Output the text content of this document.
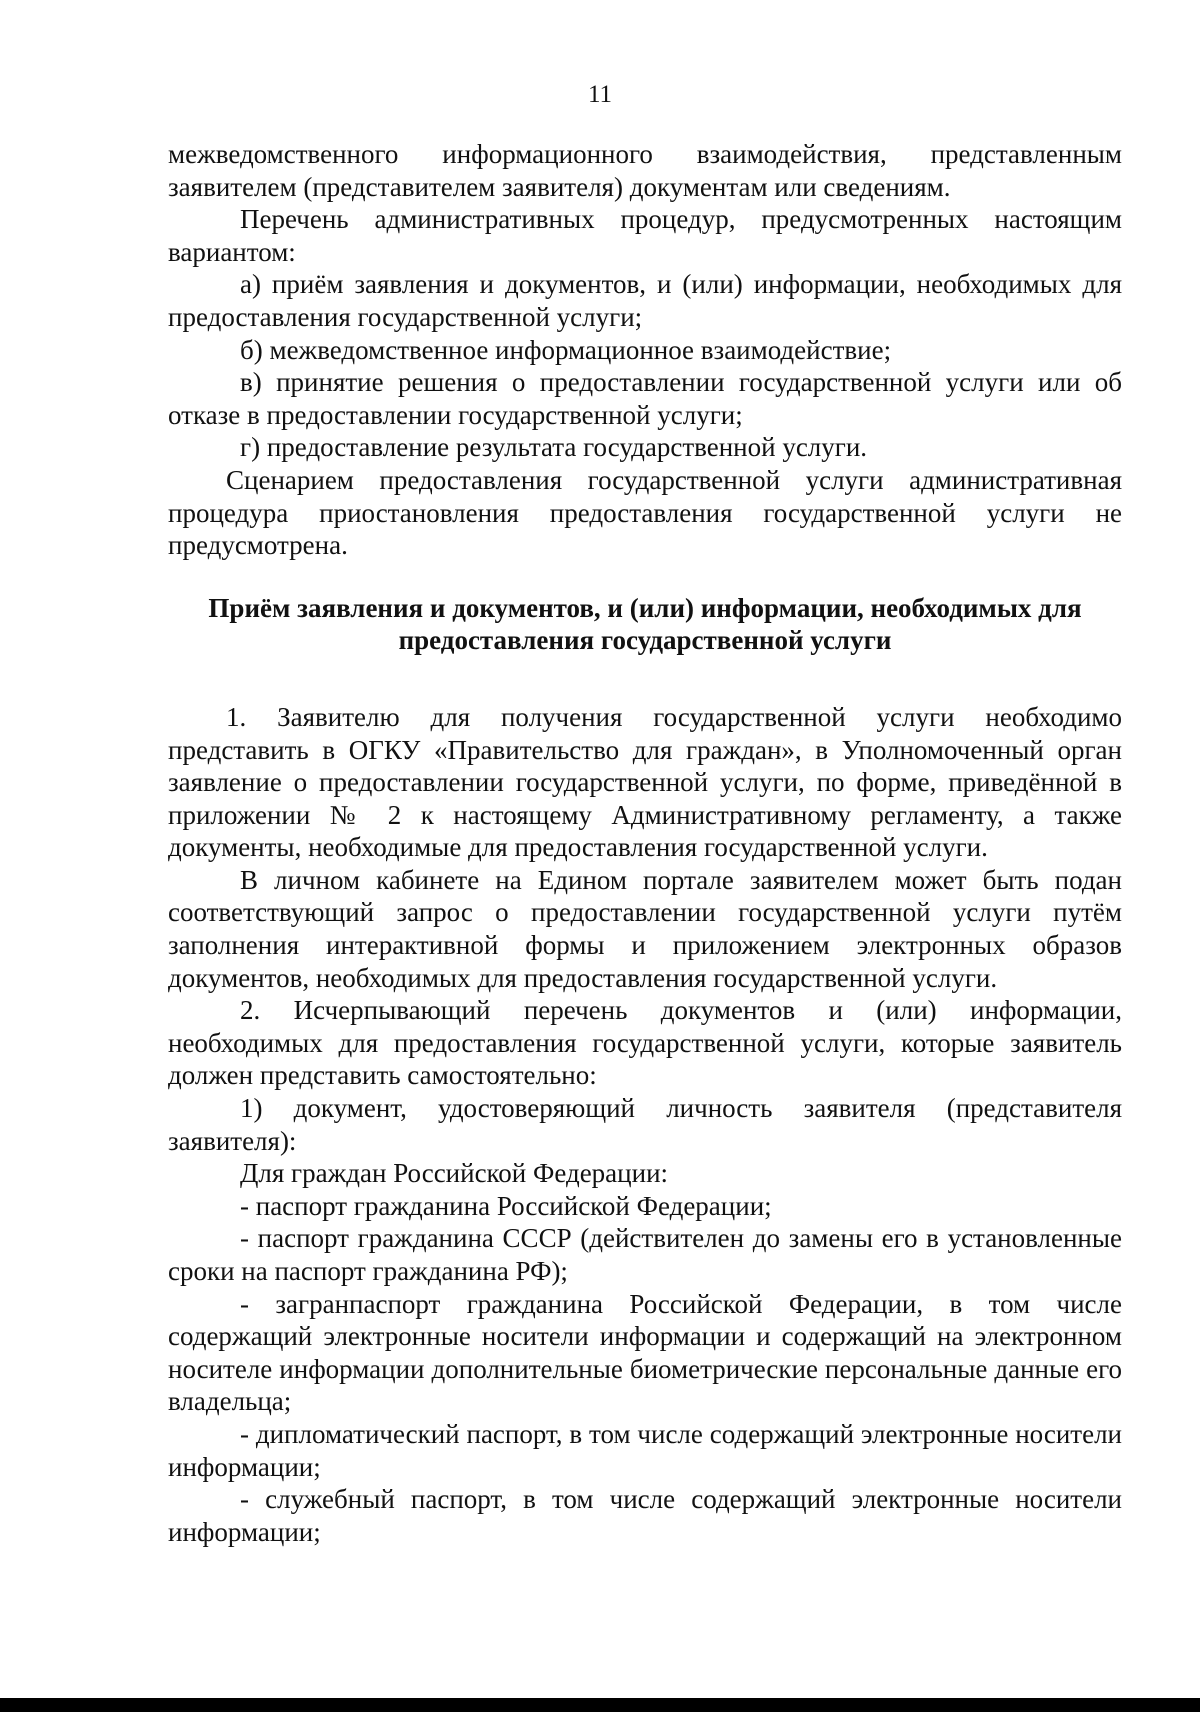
11

межведомственного информационного взаимодействия, представленным заявителем (представителем заявителя) документам или сведениям.

Перечень административных процедур, предусмотренных настоящим вариантом:

а) приём заявления и документов, и (или) информации, необходимых для предоставления государственной услуги;

б) межведомственное информационное взаимодействие;

в) принятие решения о предоставлении государственной услуги или об отказе в предоставлении государственной услуги;

г) предоставление результата государственной услуги.

Сценарием предоставления государственной услуги административная процедура приостановления предоставления государственной услуги не предусмотрена.

Приём заявления и документов, и (или) информации, необходимых для предоставления государственной услуги

1. Заявителю для получения государственной услуги необходимо представить в ОГКУ «Правительство для граждан», в Уполномоченный орган заявление о предоставлении государственной услуги, по форме, приведённой в приложении № 2 к настоящему Административному регламенту, а также документы, необходимые для предоставления государственной услуги.

В личном кабинете на Едином портале заявителем может быть подан соответствующий запрос о предоставлении государственной услуги путём заполнения интерактивной формы и приложением электронных образов документов, необходимых для предоставления государственной услуги.

2. Исчерпывающий перечень документов и (или) информации, необходимых для предоставления государственной услуги, которые заявитель должен представить самостоятельно:

1) документ, удостоверяющий личность заявителя (представителя заявителя):

Для граждан Российской Федерации:

- паспорт гражданина Российской Федерации;

- паспорт гражданина СССР (действителен до замены его в установленные сроки на паспорт гражданина РФ);

- загранпаспорт гражданина Российской Федерации, в том числе содержащий электронные носители информации и содержащий на электронном носителе информации дополнительные биометрические персональные данные его владельца;

- дипломатический паспорт, в том числе содержащий электронные носители информации;

- служебный паспорт, в том числе содержащий электронные носители информации;
